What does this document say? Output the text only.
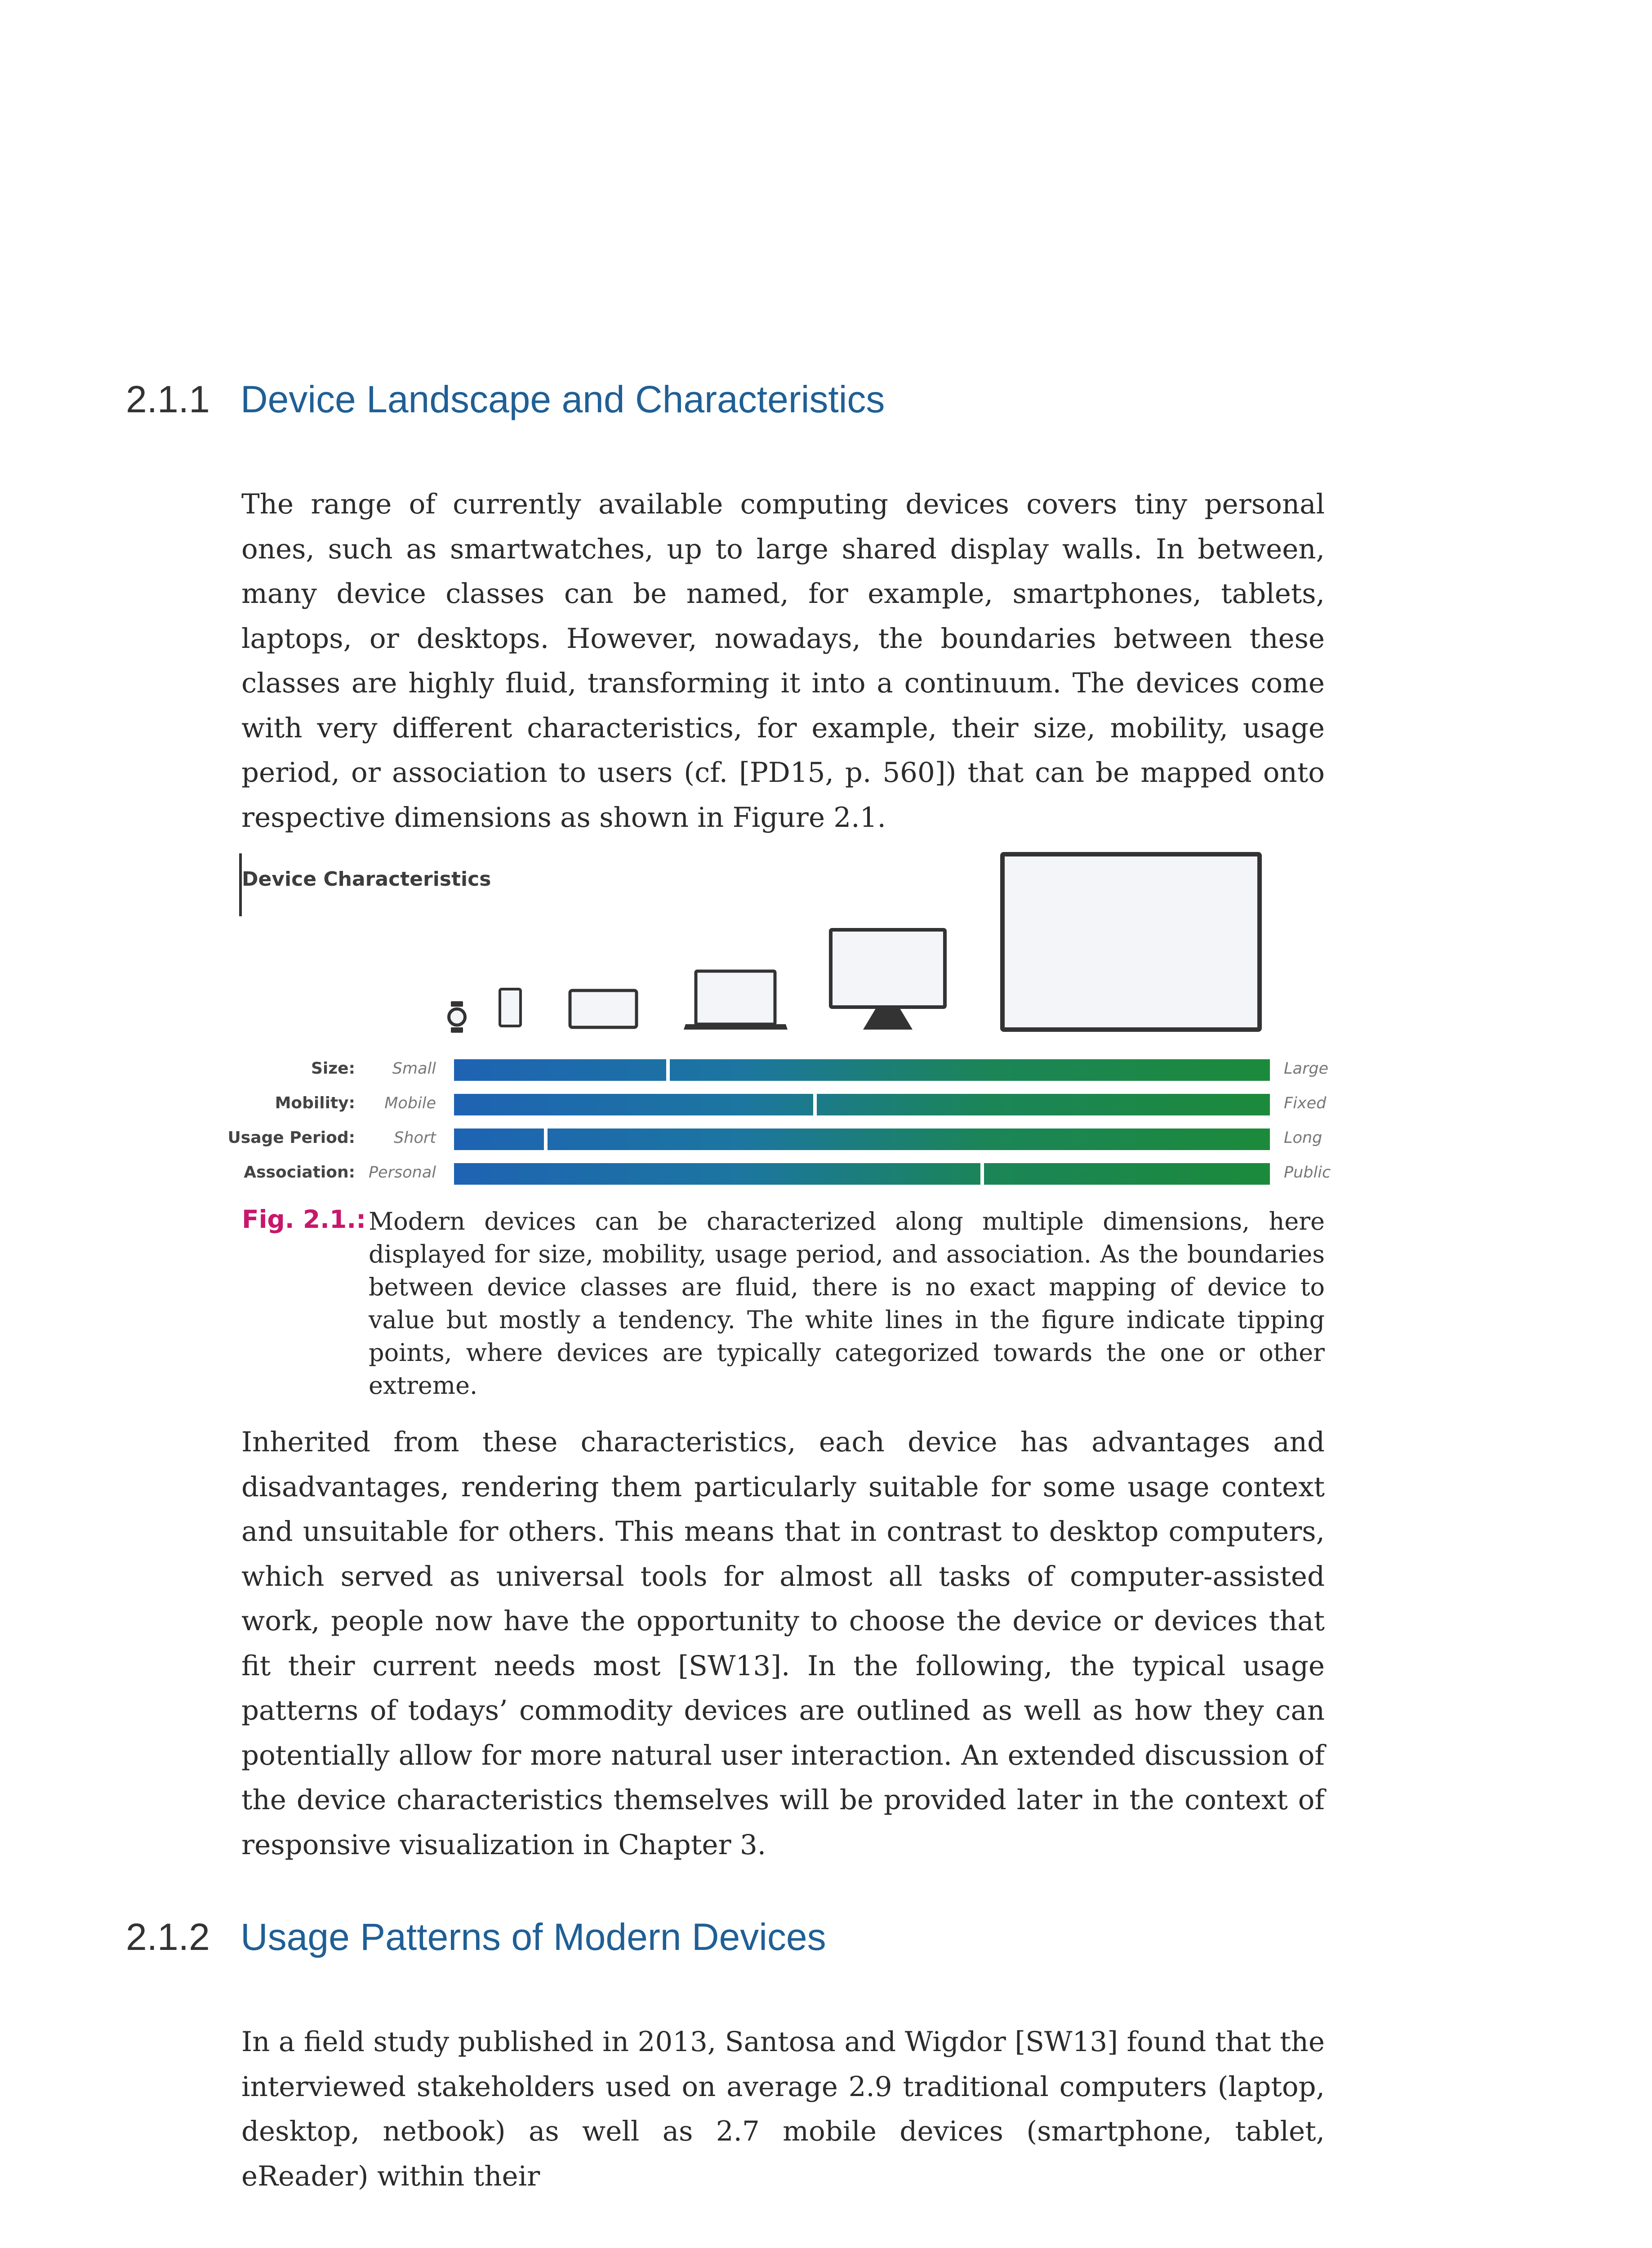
2.1.1 Device Landscape and Characteristics

The range of currently available computing devices covers tiny personal ones, such as smartwatches, up to large shared display walls. In between, many device classes can be named, for example, smartphones, tablets, laptops, or desktops. However, nowadays, the boundaries between these classes are highly fluid, transforming it into a continuum. The devices come with very different characteristics, for example, their size, mobility, usage period, or association to users (cf. [PD15, p. 560]) that can be mapped onto respective dimensions as shown in Figure 2.1.

Device Characteristics
Size:	Small	Large
Mobility:	Mobile	Fixed
Usage Period:	Short	Long
Association: Personal	Public
Fig. 2.1.: Modern devices can be characterized along multiple dimensions, here displayed for size, mobility, usage period, and association. As the boundaries between device classes are fluid, there is no exact mapping of device to value but mostly a tendency. The white lines in the figure indicate tipping points, where devices are typically categorized towards the one or other extreme.

Inherited from these characteristics, each device has advantages and disadvantages, rendering them particularly suitable for some usage context and unsuitable for others. This means that in contrast to desktop computers, which served as universal tools for almost all tasks of computer-assisted work, people now have the opportunity to choose the device or devices that fit their current needs most [SW13]. In the following, the typical usage patterns of todays’ commodity devices are outlined as well as how they can potentially allow for more natural user interaction. An extended discussion of the device characteristics themselves will be provided later in the context of responsive visualization in Chapter 3.

2.1.2 Usage Patterns of Modern Devices

In a field study published in 2013, Santosa and Wigdor [SW13] found that the interviewed stakeholders used on average 2.9 traditional computers (laptop, desktop, netbook) as well as 2.7 mobile devices (smartphone, tablet, eReader) within their
